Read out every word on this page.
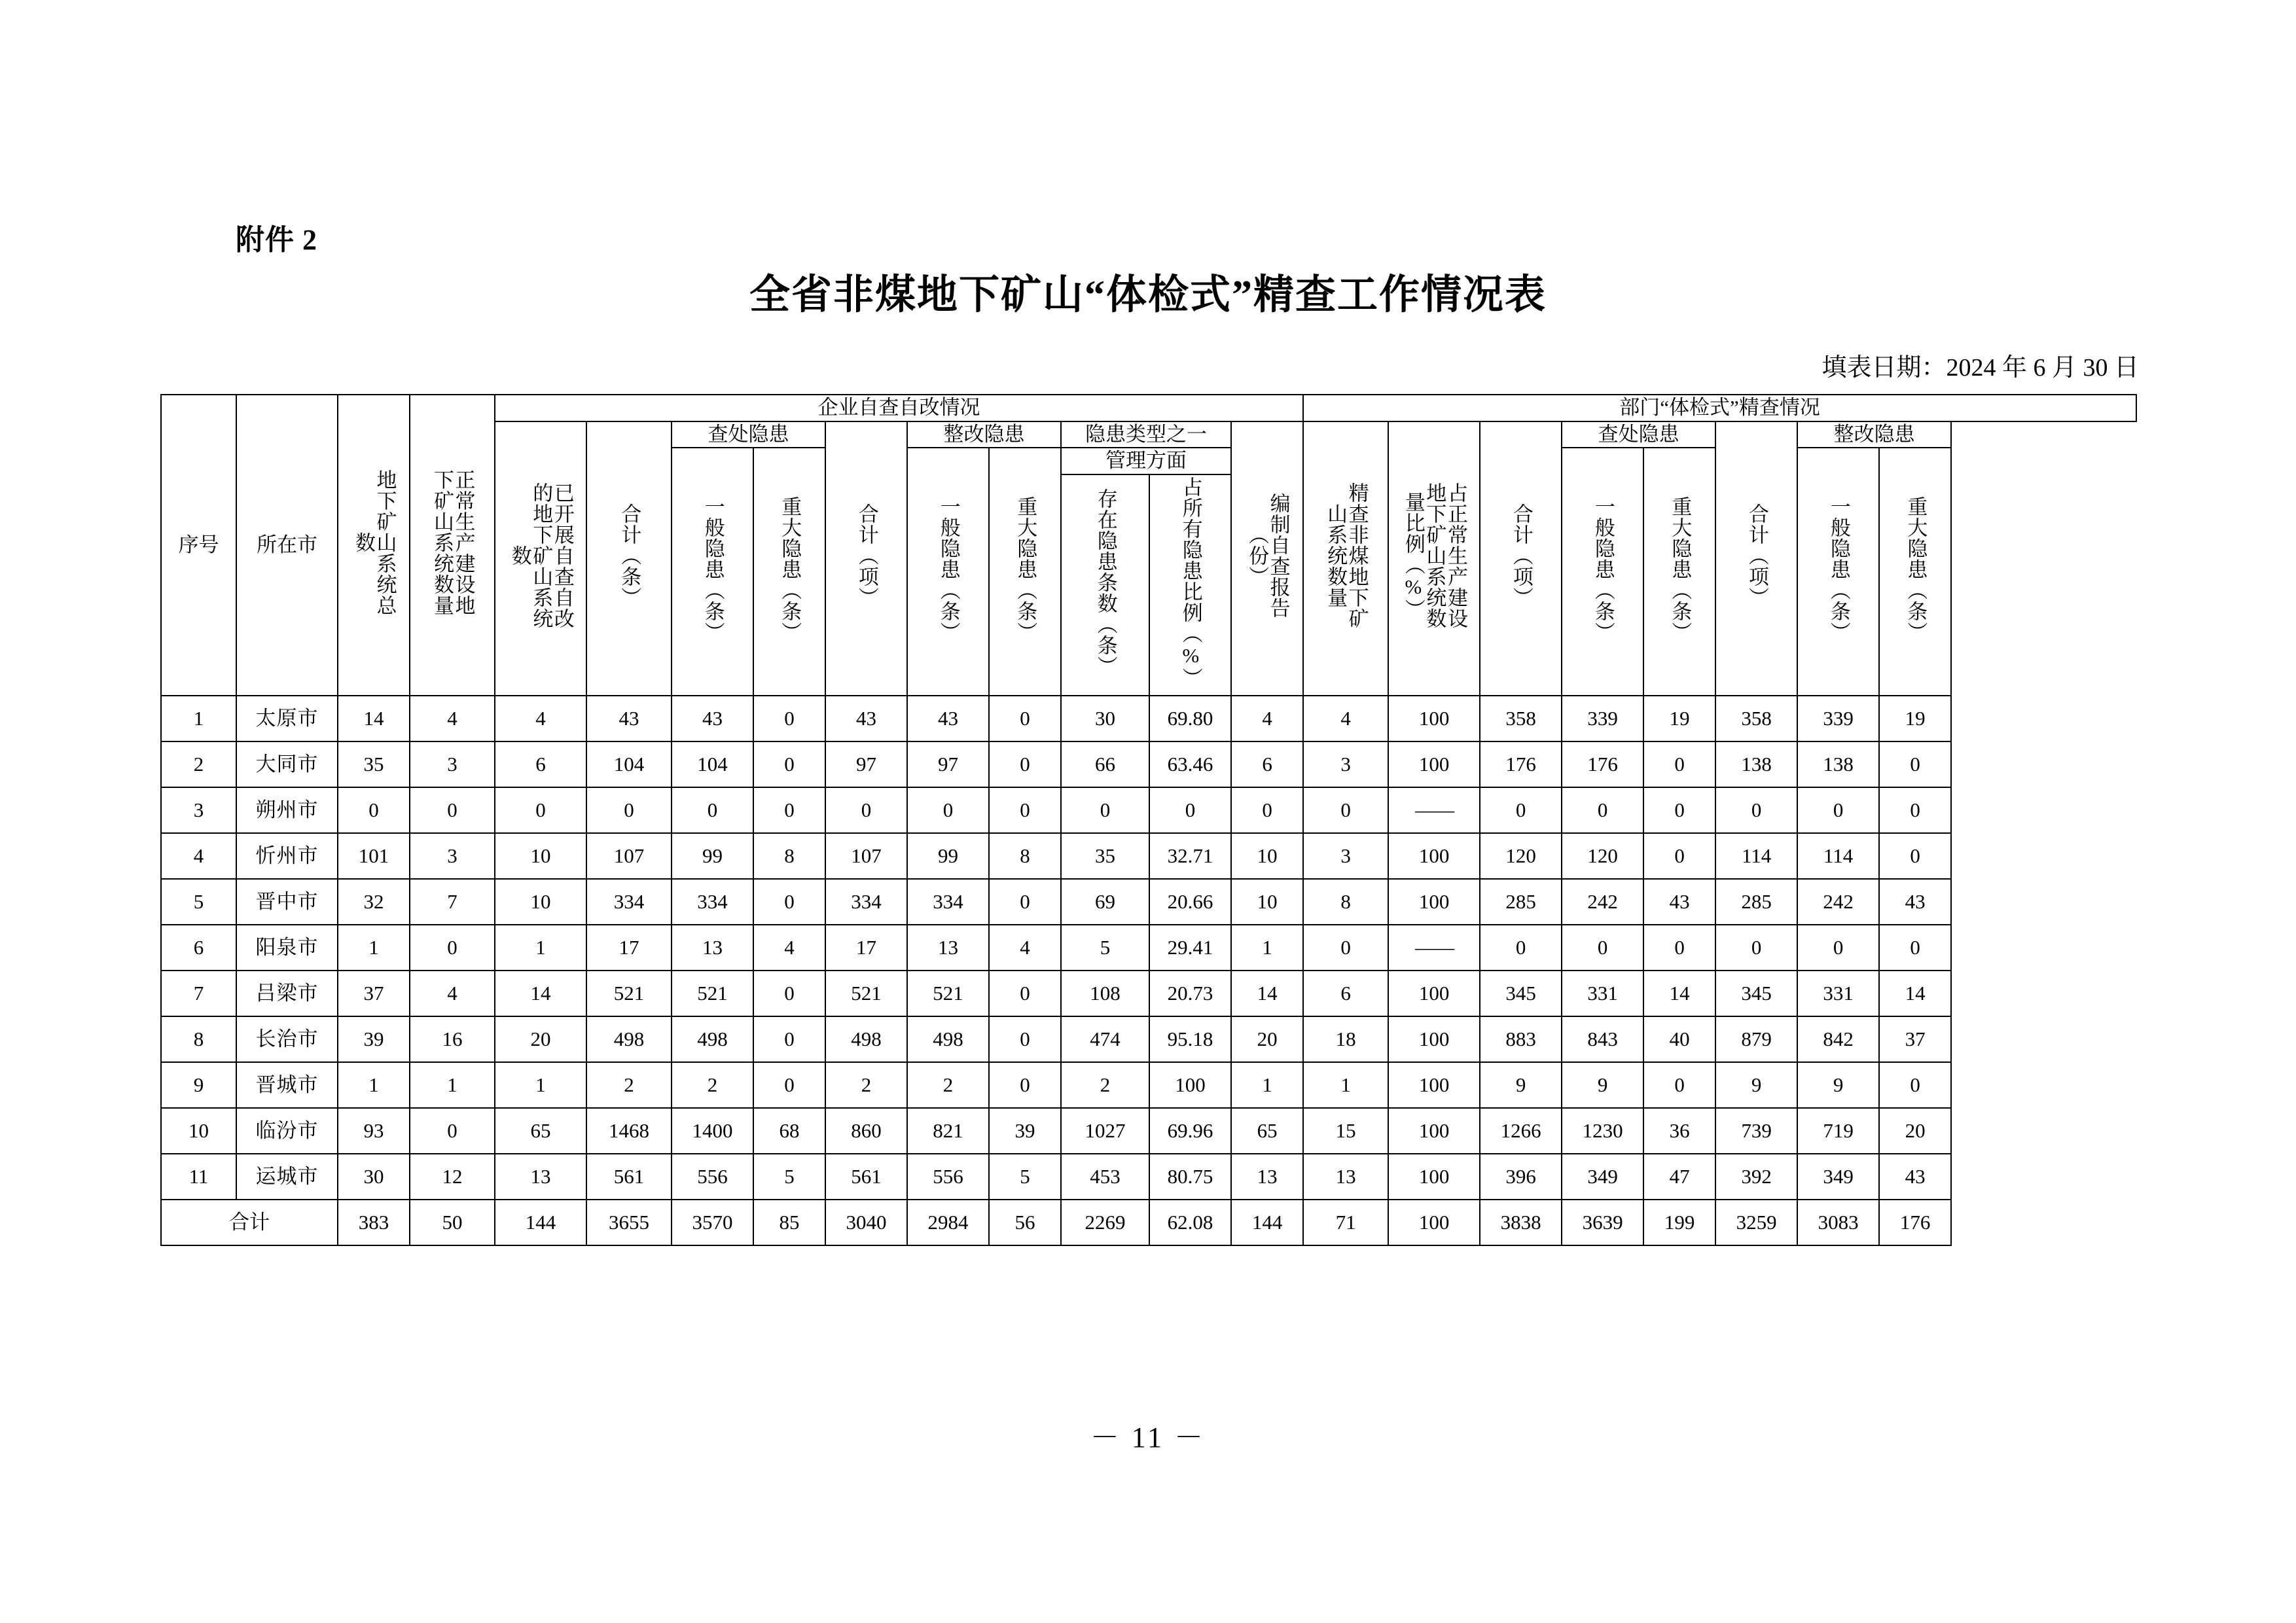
附件 2
全省非煤地下矿山“体检式”精查工作情况表
填表日期：2024 年 6 月 30 日
序号	所在市	地下矿山系统总数	正常生产建设地下矿山系统数量	企业自查自改情况										部门“体检式”精查情况							
				已开展自查自改的地下矿山系统数	合计（条）	查处隐患		合计（项）	整改隐患		隐患类型之一		编制自查报告（份）	精查非煤地下矿山系统数量	占正常生产建设地下矿山系统数量比例（%）	合计（项）	查处隐患		合计（项）	整改隐患	
						一般隐患（条）	重大隐患（条）		一般隐患（条）	重大隐患（条）	管理方面						一般隐患（条）	重大隐患（条）		一般隐患（条）	重大隐患（条）
											存在隐患条数（条）	占所有隐患比例（%）									
1	太原市	14	4	4	43	43	0	43	43	0	30	69.80	4	4	100	358	339	19	358	339	19
2	大同市	35	3	6	104	104	0	97	97	0	66	63.46	6	3	100	176	176	0	138	138	0
3	朔州市	0	0	0	0	0	0	0	0	0	0	0	0	0	——	0	0	0	0	0	0
4	忻州市	101	3	10	107	99	8	107	99	8	35	32.71	10	3	100	120	120	0	114	114	0
5	晋中市	32	7	10	334	334	0	334	334	0	69	20.66	10	8	100	285	242	43	285	242	43
6	阳泉市	1	0	1	17	13	4	17	13	4	5	29.41	1	0	——	0	0	0	0	0	0
7	吕梁市	37	4	14	521	521	0	521	521	0	108	20.73	14	6	100	345	331	14	345	331	14
8	长治市	39	16	20	498	498	0	498	498	0	474	95.18	20	18	100	883	843	40	879	842	37
9	晋城市	1	1	1	2	2	0	2	2	0	2	100	1	1	100	9	9	0	9	9	0
10	临汾市	93	0	65	1468	1400	68	860	821	39	1027	69.96	65	15	100	1266	1230	36	739	719	20
11	运城市	30	12	13	561	556	5	561	556	5	453	80.75	13	13	100	396	349	47	392	349	43
合计		383	50	144	3655	3570	85	3040	2984	56	2269	62.08	144	71	100	3838	3639	199	3259	3083	176
－ 11 －
